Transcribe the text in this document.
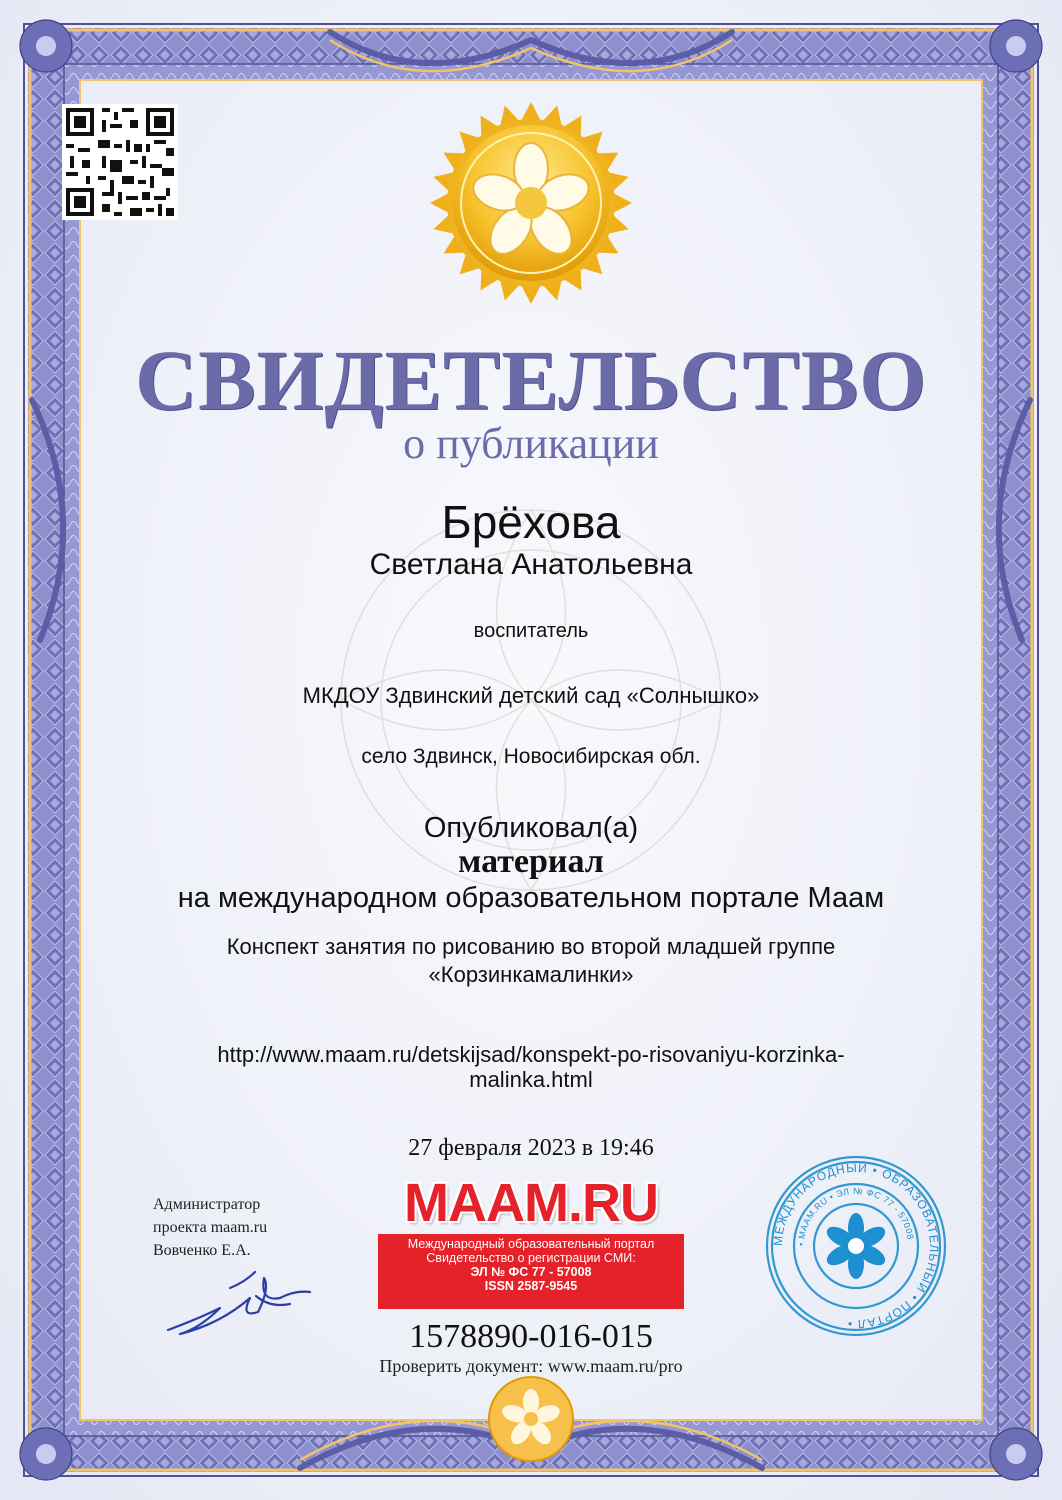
СВИДЕТЕЛЬСТВО
о публикации
Брёхова
Светлана Анатольевна
воспитатель
МКДОУ Здвинский детский сад «Солнышко»
село Здвинск, Новосибирская обл.
Опубликовал(а)
материал
на международном образовательном портале Маам
Конспект занятия по рисованию во второй младшей группе
«Корзинкамалинки»
http://www.maam.ru/detskijsad/konspekt-po-risovaniyu-korzinka-
malinka.html
27 февраля 2023 в 19:46
Администратор
проекта maam.ru
Вовченко Е.А.
MAAM.RU
Международный образовательный портал
Свидетельство о регистрации СМИ:
ЭЛ № ФС 77 - 57008
ISSN 2587-9545
МЕЖДУНАРОДНЫЙ • ОБРАЗОВАТЕЛЬНЫЙ • ПОРТАЛ •
• MAAM.RU • ЭЛ № ФС 77 - 57008
1578890-016-015
Проверить документ: www.maam.ru/pro
